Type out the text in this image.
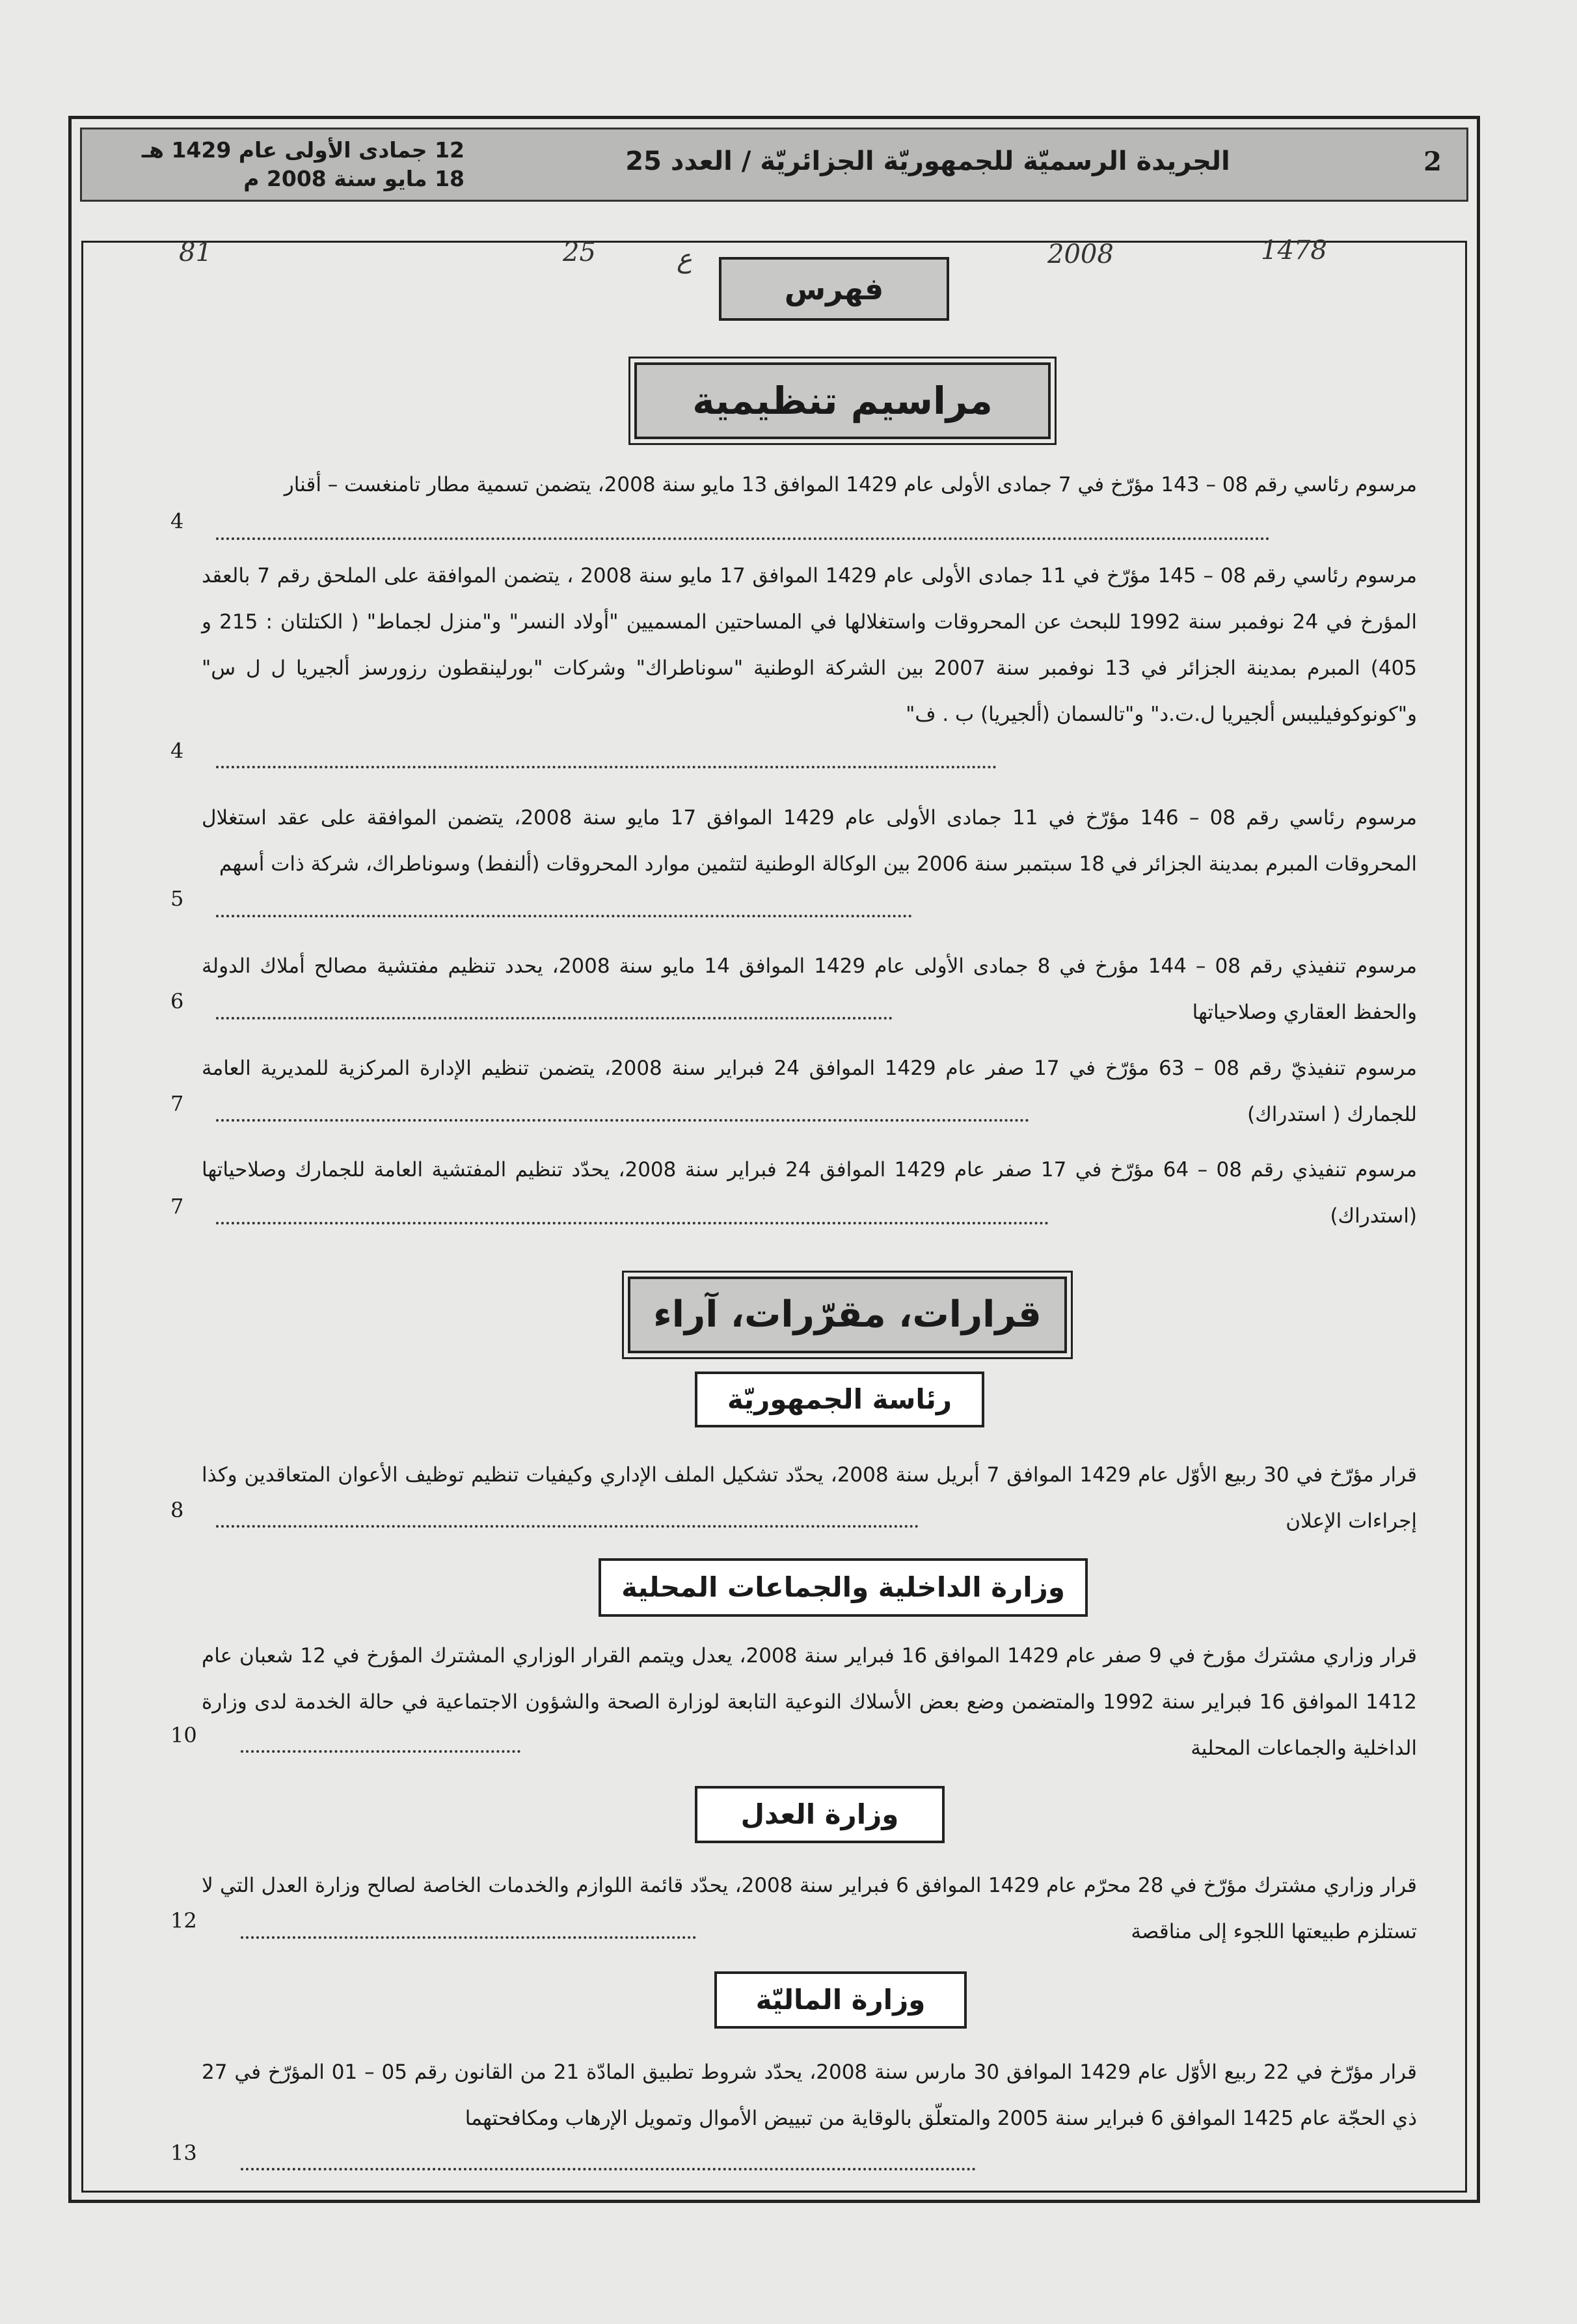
12 جمادى الأولى عام 1429 هـ
18 مايو سنة 2008 م
الجريدة الرسميّة للجمهوريّة الجزائريّة / العدد 25	2
1478
2008
ع
25
81
فهرس
مراسيم تنظيمية
قرارات، مقرّرات، آراء
رئاسة الجمهوريّة
وزارة الداخلية والجماعات المحلية
وزارة العدل
وزارة الماليّة
مرسوم رئاسي رقم 08 – 143 مؤرّخ في 7 جمادى الأولى عام 1429 الموافق 13 مايو سنة 2008، يتضمن تسمية مطار تامنغست – أقنار
4
مرسوم رئاسي رقم 08 – 145 مؤرّخ في 11 جمادى الأولى عام 1429 الموافق 17 مايو سنة 2008 ، يتضمن الموافقة على الملحق رقم 7 بالعقد المؤرخ في 24 نوفمبر سنة 1992 للبحث عن المحروقات واستغلالها في المساحتين المسميين "أولاد النسر" و"منزل لجماط" ( الكتلتان : 215 و 405) المبرم بمدينة الجزائر في 13 نوفمبر سنة 2007 بين الشركة الوطنية "سوناطراك" وشركات "بورلينقطون رزورسز ألجيريا ل ل س" و"كونوكوفيليبس ألجيريا ل.ت.د" و"تالسمان (ألجيريا) ب . ف"
4
مرسوم رئاسي رقم 08 – 146 مؤرّخ في 11 جمادى الأولى عام 1429 الموافق 17 مايو سنة 2008، يتضمن الموافقة على عقد استغلال المحروقات المبرم بمدينة الجزائر في 18 سبتمبر سنة 2006 بين الوكالة الوطنية لتثمين موارد المحروقات (ألنفط) وسوناطراك، شركة ذات أسهم
5
مرسوم تنفيذي رقم 08 – 144 مؤرخ في 8 جمادى الأولى عام 1429 الموافق 14 مايو سنة 2008، يحدد تنظيم مفتشية مصالح أملاك الدولة والحفظ العقاري وصلاحياتها
6
مرسوم تنفيذيّ رقم 08 – 63 مؤرّخ في 17 صفر عام 1429 الموافق 24 فبراير سنة 2008، يتضمن تنظيم الإدارة المركزية للمديرية العامة للجمارك ( استدراك)
7
مرسوم تنفيذي رقم 08 – 64 مؤرّخ في 17 صفر عام 1429 الموافق 24 فبراير سنة 2008، يحدّد تنظيم المفتشية العامة للجمارك وصلاحياتها (استدراك)
7
قرار مؤرّخ في 30 ربيع الأوّل عام 1429 الموافق 7 أبريل سنة 2008، يحدّد تشكيل الملف الإداري وكيفيات تنظيم توظيف الأعوان المتعاقدين وكذا إجراءات الإعلان
8
قرار وزاري مشترك مؤرخ في 9 صفر عام 1429 الموافق 16 فبراير سنة 2008، يعدل ويتمم القرار الوزاري المشترك المؤرخ في 12 شعبان عام 1412 الموافق 16 فبراير سنة 1992 والمتضمن وضع بعض الأسلاك النوعية التابعة لوزارة الصحة والشؤون الاجتماعية في حالة الخدمة لدى وزارة الداخلية والجماعات المحلية
10
قرار وزاري مشترك مؤرّخ في 28 محرّم عام 1429 الموافق 6 فبراير سنة 2008، يحدّد قائمة اللوازم والخدمات الخاصة لصالح وزارة العدل التي لا تستلزم طبيعتها اللجوء إلى مناقصة
12
قرار مؤرّخ في 22 ربيع الأوّل عام 1429 الموافق 30 مارس سنة 2008، يحدّد شروط تطبيق المادّة 21 من القانون رقم 05 – 01 المؤرّخ في 27 ذي الحجّة عام 1425 الموافق 6 فبراير سنة 2005 والمتعلّق بالوقاية من تبييض الأموال وتمويل الإرهاب ومكافحتهما
13
